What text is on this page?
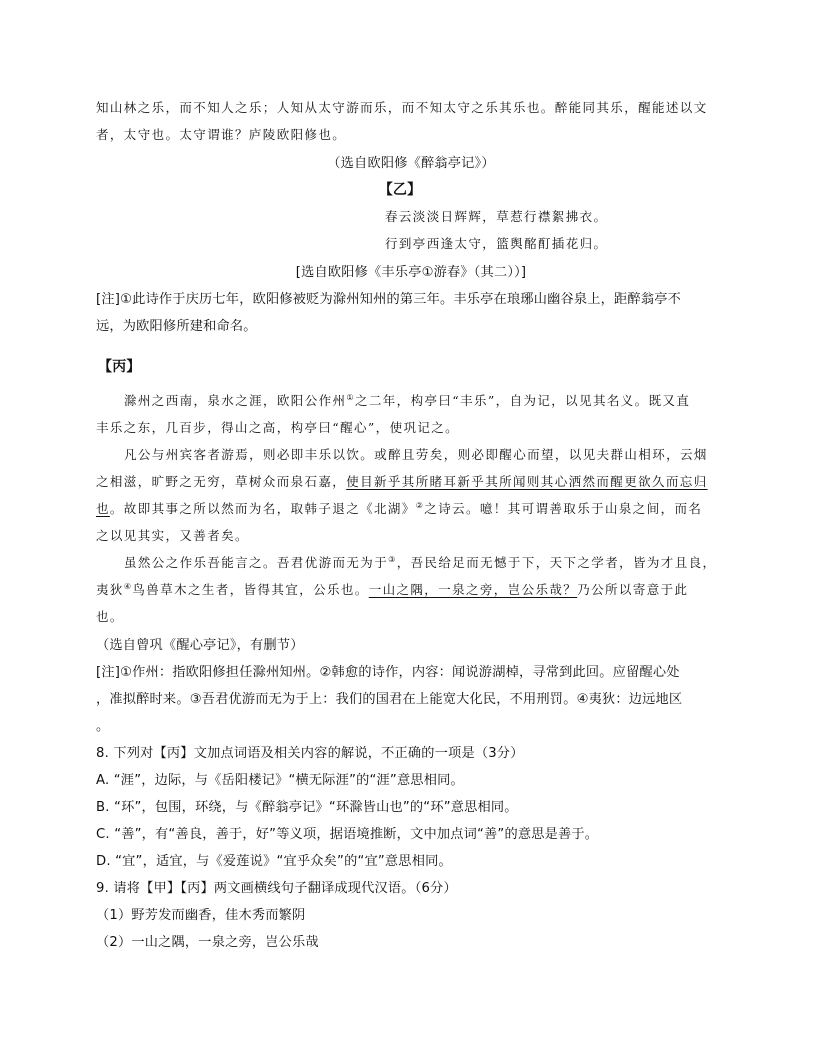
知山林之乐，而不知人之乐；人知从太守游而乐，而不知太守之乐其乐也。醉能同其乐，醒能述以文
者，太守也。太守谓谁？庐陵欧阳修也。
（选自欧阳修《醉翁亭记》）
【乙】
春云淡淡日辉辉，草惹行襟絮拂衣。
行到亭西逢太守，篮舆酩酊插花归。
[选自欧阳修《丰乐亭①游春》（其二））]
[注]①此诗作于庆历七年，欧阳修被贬为滁州知州的第三年。丰乐亭在琅琊山幽谷泉上，距醉翁亭不
远，为欧阳修所建和命名。
【丙】
滁州之西南，泉水之涯，欧阳公作州①之二年，构亭曰“丰乐”，自为记，以见其名义。既又直
丰乐之东，几百步，得山之高，构亭曰“醒心”，使巩记之。
凡公与州宾客者游焉，则必即丰乐以饮。或醉且劳矣，则必即醒心而望，以见夫群山相环，云烟
之相滋，旷野之无穷，草树众而泉石嘉，使目新乎其所睹耳新乎其所闻则其心洒然而醒更欲久而忘归
也。故即其事之所以然而为名，取韩子退之《北湖》②之诗云。噫！其可谓善取乐于山泉之间，而名
之以见其实，又善者矣。
虽然公之作乐吾能言之。吾君优游而无为于③，吾民给足而无憾于下，天下之学者，皆为才且良，
夷狄④鸟兽草木之生者，皆得其宜，公乐也。一山之隅，一泉之旁，岂公乐哉？乃公所以寄意于此
也。
（选自曾巩《醒心亭记》，有删节）
[注]①作州：指欧阳修担任滁州知州。②韩愈的诗作，内容：闻说游湖棹，寻常到此回。应留醒心处
，准拟醉时来。③吾君优游而无为于上：我们的国君在上能宽大化民，不用刑罚。④夷狄：边远地区
。
8. 下列对【丙】文加点词语及相关内容的解说，不正确的一项是（3分）
A. “涯”，边际，与《岳阳楼记》“横无际涯”的“涯”意思相同。
B. “环”，包围，环绕，与《醉翁亭记》“环滁皆山也”的“环”意思相同。
C. “善”，有“善良，善于，好”等义项，据语境推断，文中加点词“善”的意思是善于。
D. “宜”，适宜，与《爱莲说》“宜乎众矣”的“宜”意思相同。
9. 请将【甲】【丙】两文画横线句子翻译成现代汉语。（6分）
（1）野芳发而幽香，佳木秀而繁阴
（2）一山之隅，一泉之旁，岂公乐哉
